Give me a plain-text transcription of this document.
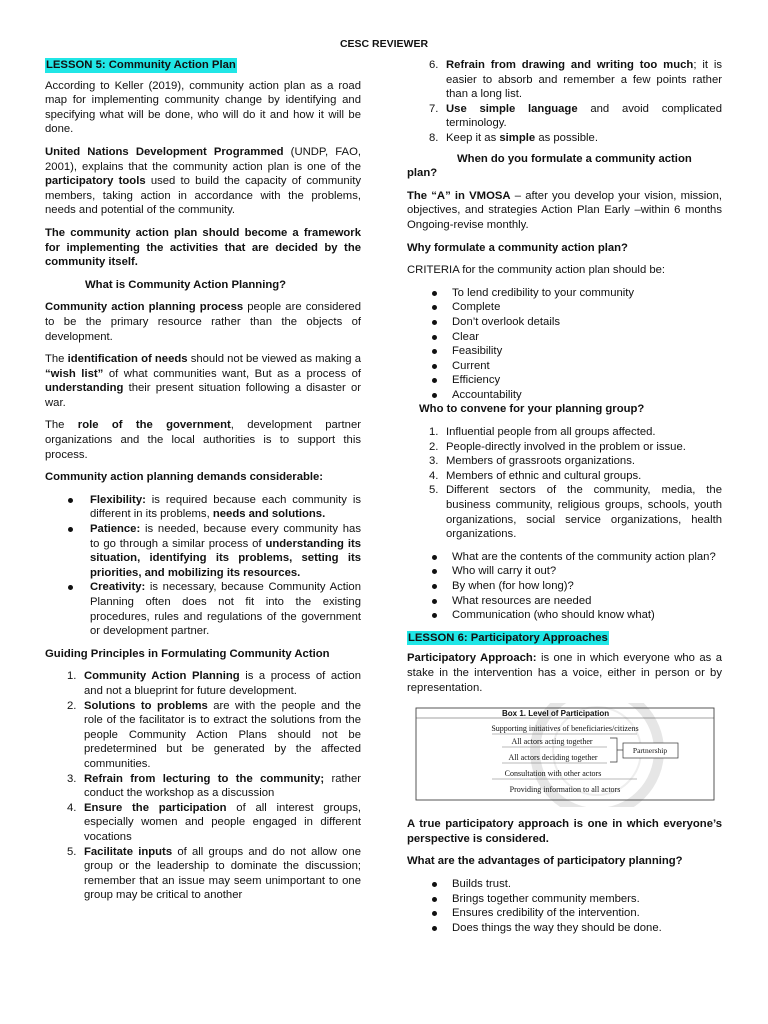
CESC REVIEWER
LESSON 5: Community Action Plan

According to Keller (2019), community action plan as a road map for implementing community change by identifying and specifying what will be done, who will do it and how it will be done.

United Nations Development Programmed (UNDP, FAO, 2001), explains that the community action plan is one of the participatory tools used to build the capacity of community members, taking action in accordance with the problems, needs and potential of the community.

The community action plan should become a framework for implementing the activities that are decided by the community itself.

What is Community Action Planning?

Community action planning process people are considered to be the primary resource rather than the objects of development.

The identification of needs should not be viewed as making a “wish list” of what communities want, But as a process of understanding their present situation following a disaster or war.

The role of the government, development partner organizations and the local authorities is to support this process.

Community action planning demands considerable:

Flexibility: is required because each community is different in its problems, needs and solutions.
Patience: is needed, because every community has to go through a similar process of understanding its situation, identifying its problems, setting its priorities, and mobilizing its resources.
Creativity: is necessary, because Community Action Planning often does not fit into the existing procedures, rules and regulations of the government or development partner.

Guiding Principles in Formulating Community Action

1. Community Action Planning is a process of action and not a blueprint for future development.
2. Solutions to problems are with the people and the role of the facilitator is to extract the solutions from the people Community Action Plans should not be predetermined but be generated by the affected communities.
3. Refrain from lecturing to the community; rather conduct the workshop as a discussion
4. Ensure the participation of all interest groups, especially women and people engaged in different vocations
5. Facilitate inputs of all groups and do not allow one group or the leadership to dominate the discussion; remember that an issue may seem unimportant to one group may be critical to another
6. Refrain from drawing and writing too much; it is easier to absorb and remember a few points rather than a long list.
7. Use simple language and avoid complicated terminology.
8. Keep it as simple as possible.

When do you formulate a community action plan?

The “A” in VMOSA – after you develop your vision, mission, objectives, and strategies Action Plan Early –within 6 months Ongoing-revise monthly.

Why formulate a community action plan?

CRITERIA for the community action plan should be:

To lend credibility to your community
Complete
Don’t overlook details
Clear
Feasibility
Current
Efficiency
Accountability

Who to convene for your planning group?

1. Influential people from all groups affected.
2. People-directly involved in the problem or issue.
3. Members of grassroots organizations.
4. Members of ethnic and cultural groups.
5. Different sectors of the community, media, the business community, religious groups, schools, youth organizations, social service organizations, health organizations.
What are the contents of the community action plan?
Who will carry it out?
By when (for how long)?
What resources are needed
Communication (who should know what)
LESSON 6: Participatory Approaches

Participatory Approach: is one in which everyone who as a stake in the intervention has a voice, either in person or by representation.

Box 1. Level of Participation
Supporting initiatives of beneficiaries/citizens
All actors acting together
All actors deciding together
Consultation with other actors
Providing information to all actors
Partnership

A true participatory approach is one in which everyone’s perspective is considered.

What are the advantages of participatory planning?

Builds trust.
Brings together community members.
Ensures credibility of the intervention.
Does things the way they should be done.
